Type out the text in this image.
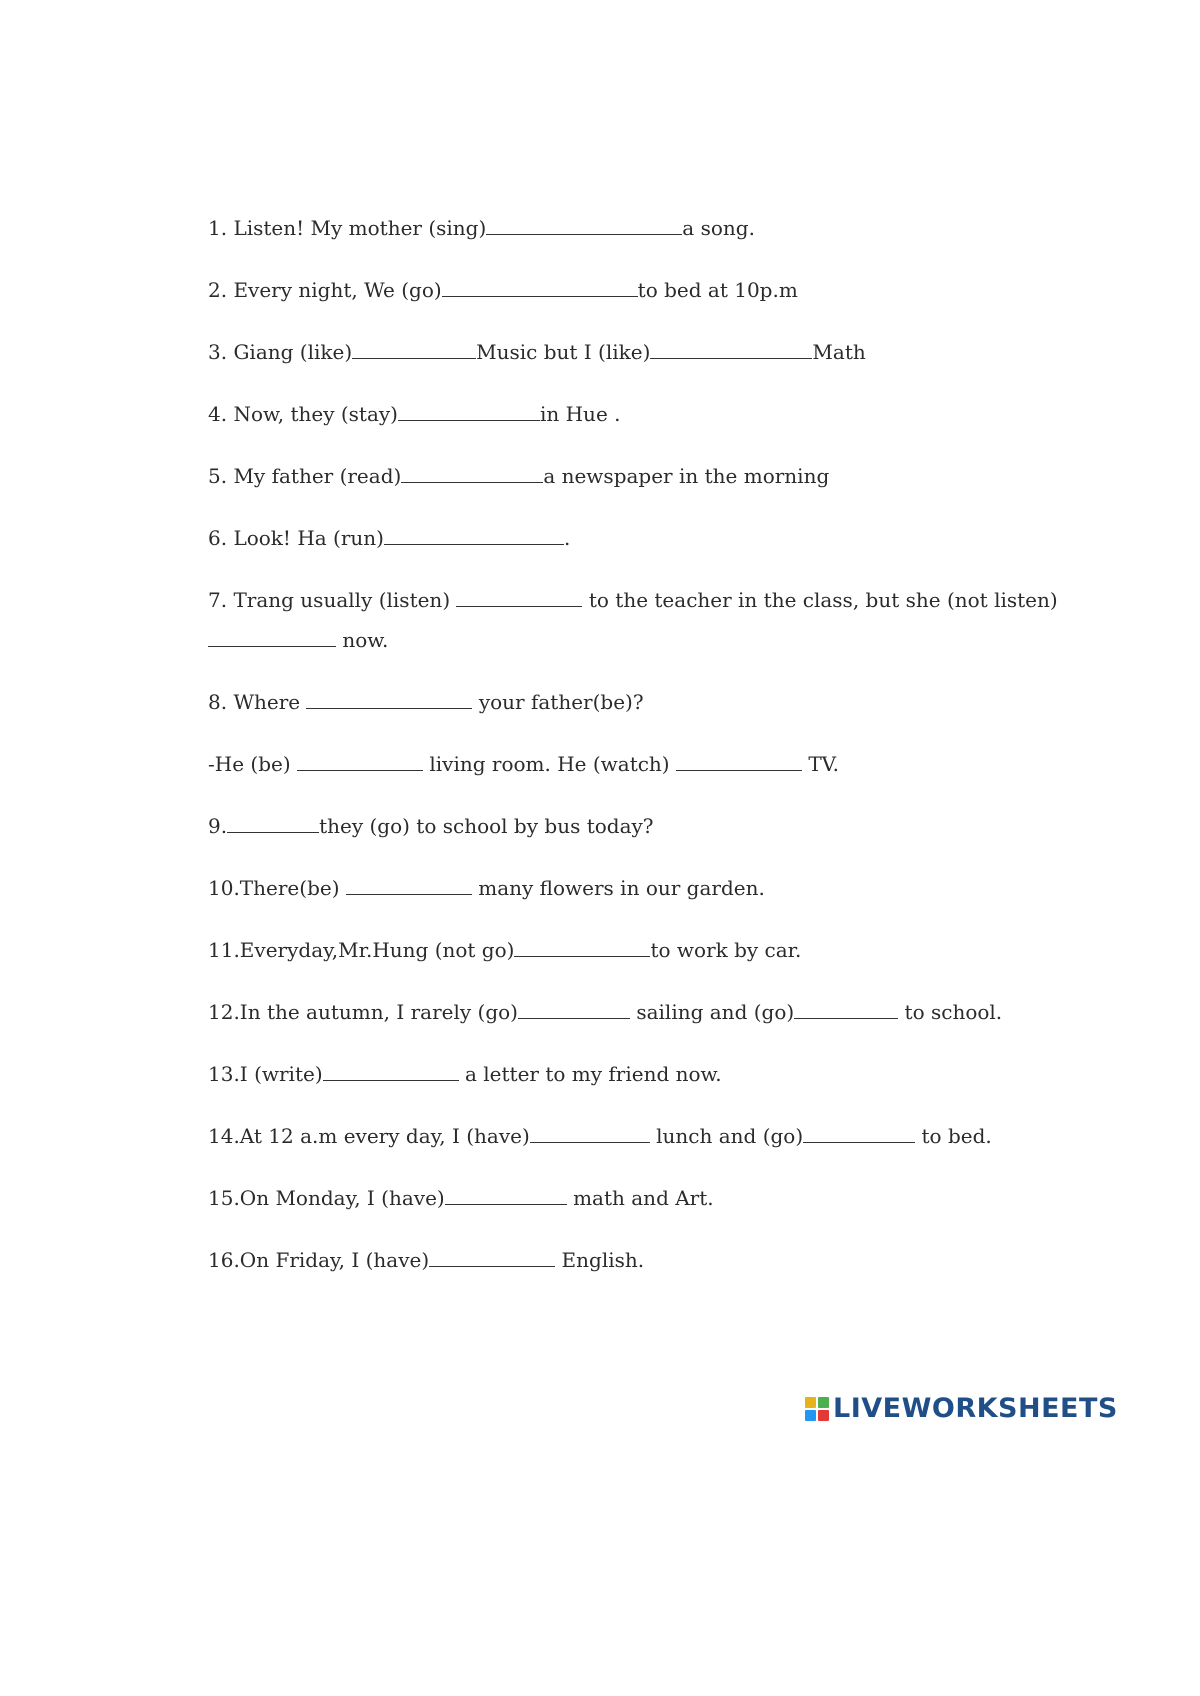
1. Listen! My mother (sing)	a song.
2. Every night, We (go)	to bed at 10p.m
3. Giang (like)	Music but I (like)	Math
4. Now, they (stay)	in Hue .
5. My father (read)	a newspaper in the morning
6. Look! Ha (run)	.
7. Trang usually (listen)	to the teacher in the class, but she (not listen)
now.
8. Where	your father(be)?
-He (be)	living room. He (watch)	TV.
9.	they (go) to school by bus today?
10.There(be)	many flowers in our garden.
11.Everyday,Mr.Hung (not go)	to work by car.
12.In the autumn, I rarely (go)	sailing and (go)	to school.
13.I (write)	a letter to my friend now.
14.At 12 a.m every day, I (have)	lunch and (go)	to bed.
15.On Monday, I (have)	math and Art.
16.On Friday, I (have)	English.
LIVEWORKSHEETS
